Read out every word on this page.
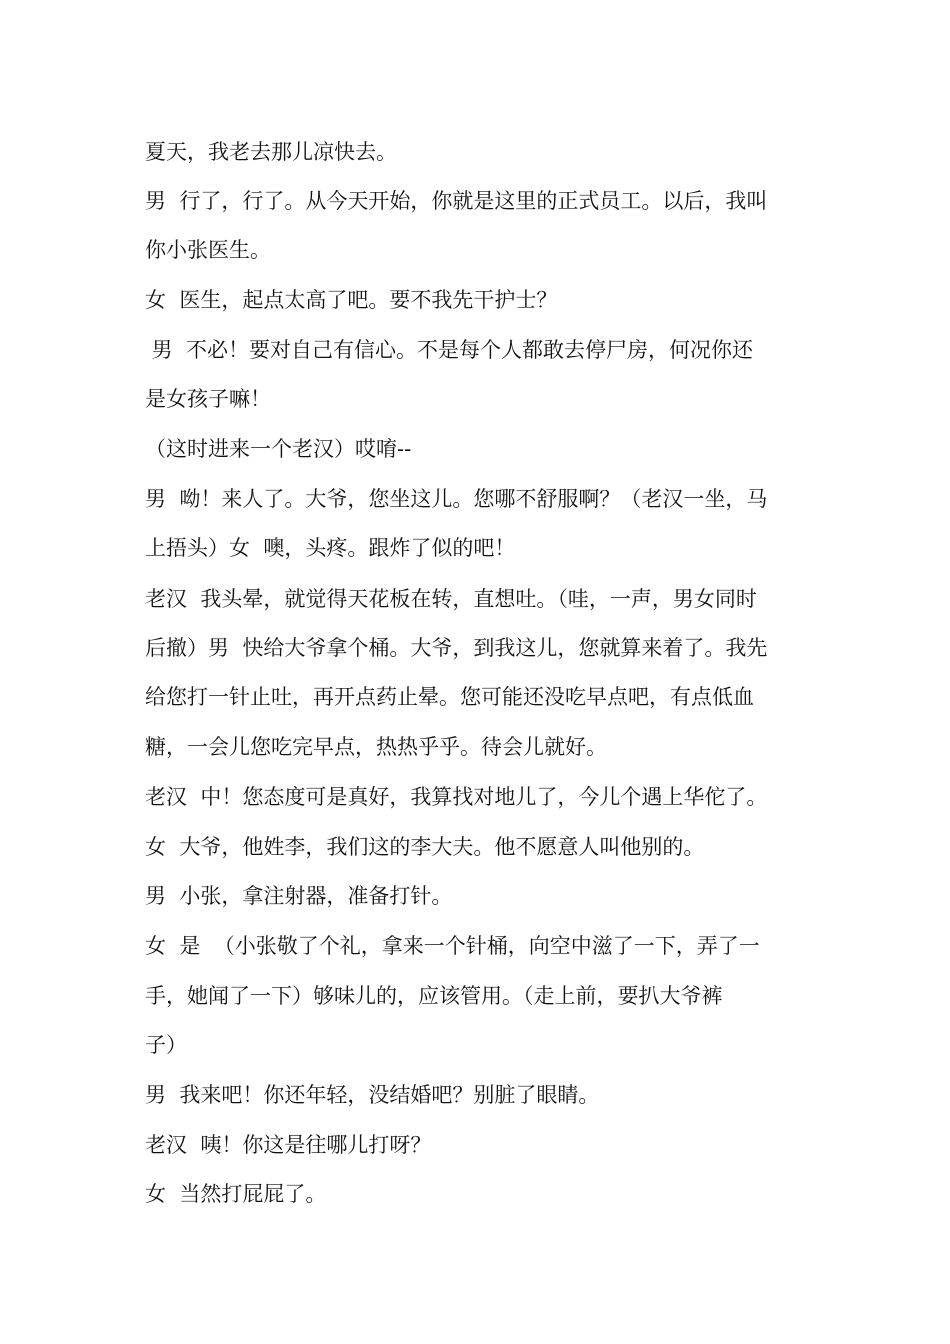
夏天，我老去那儿凉快去。
男  行了，行了。从今天开始，你就是这里的正式员工。以后，我叫
你小张医生。
女  医生，起点太高了吧。要不我先干护士？
男  不必！要对自己有信心。不是每个人都敢去停尸房，何况你还
是女孩子嘛！
（这时进来一个老汉）哎唷--
男  呦！来人了。大爷，您坐这儿。您哪不舒服啊？（老汉一坐，马
上捂头）女  噢，头疼。跟炸了似的吧！
老汉  我头晕，就觉得天花板在转，直想吐。（哇，一声，男女同时
后撤）男  快给大爷拿个桶。大爷，到我这儿，您就算来着了。我先
给您打一针止吐，再开点药止晕。您可能还没吃早点吧，有点低血
糖，一会儿您吃完早点，热热乎乎。待会儿就好。
老汉  中！您态度可是真好，我算找对地儿了，今儿个遇上华佗了。
女  大爷，他姓李，我们这的李大夫。他不愿意人叫他别的。
男  小张，拿注射器，准备打针。
女  是  （小张敬了个礼，拿来一个针桶，向空中滋了一下，弄了一
手，她闻了一下）够味儿的，应该管用。（走上前，要扒大爷裤
子）
男  我来吧！你还年轻，没结婚吧？别脏了眼睛。
老汉  咦！你这是往哪儿打呀？
女  当然打屁屁了。
